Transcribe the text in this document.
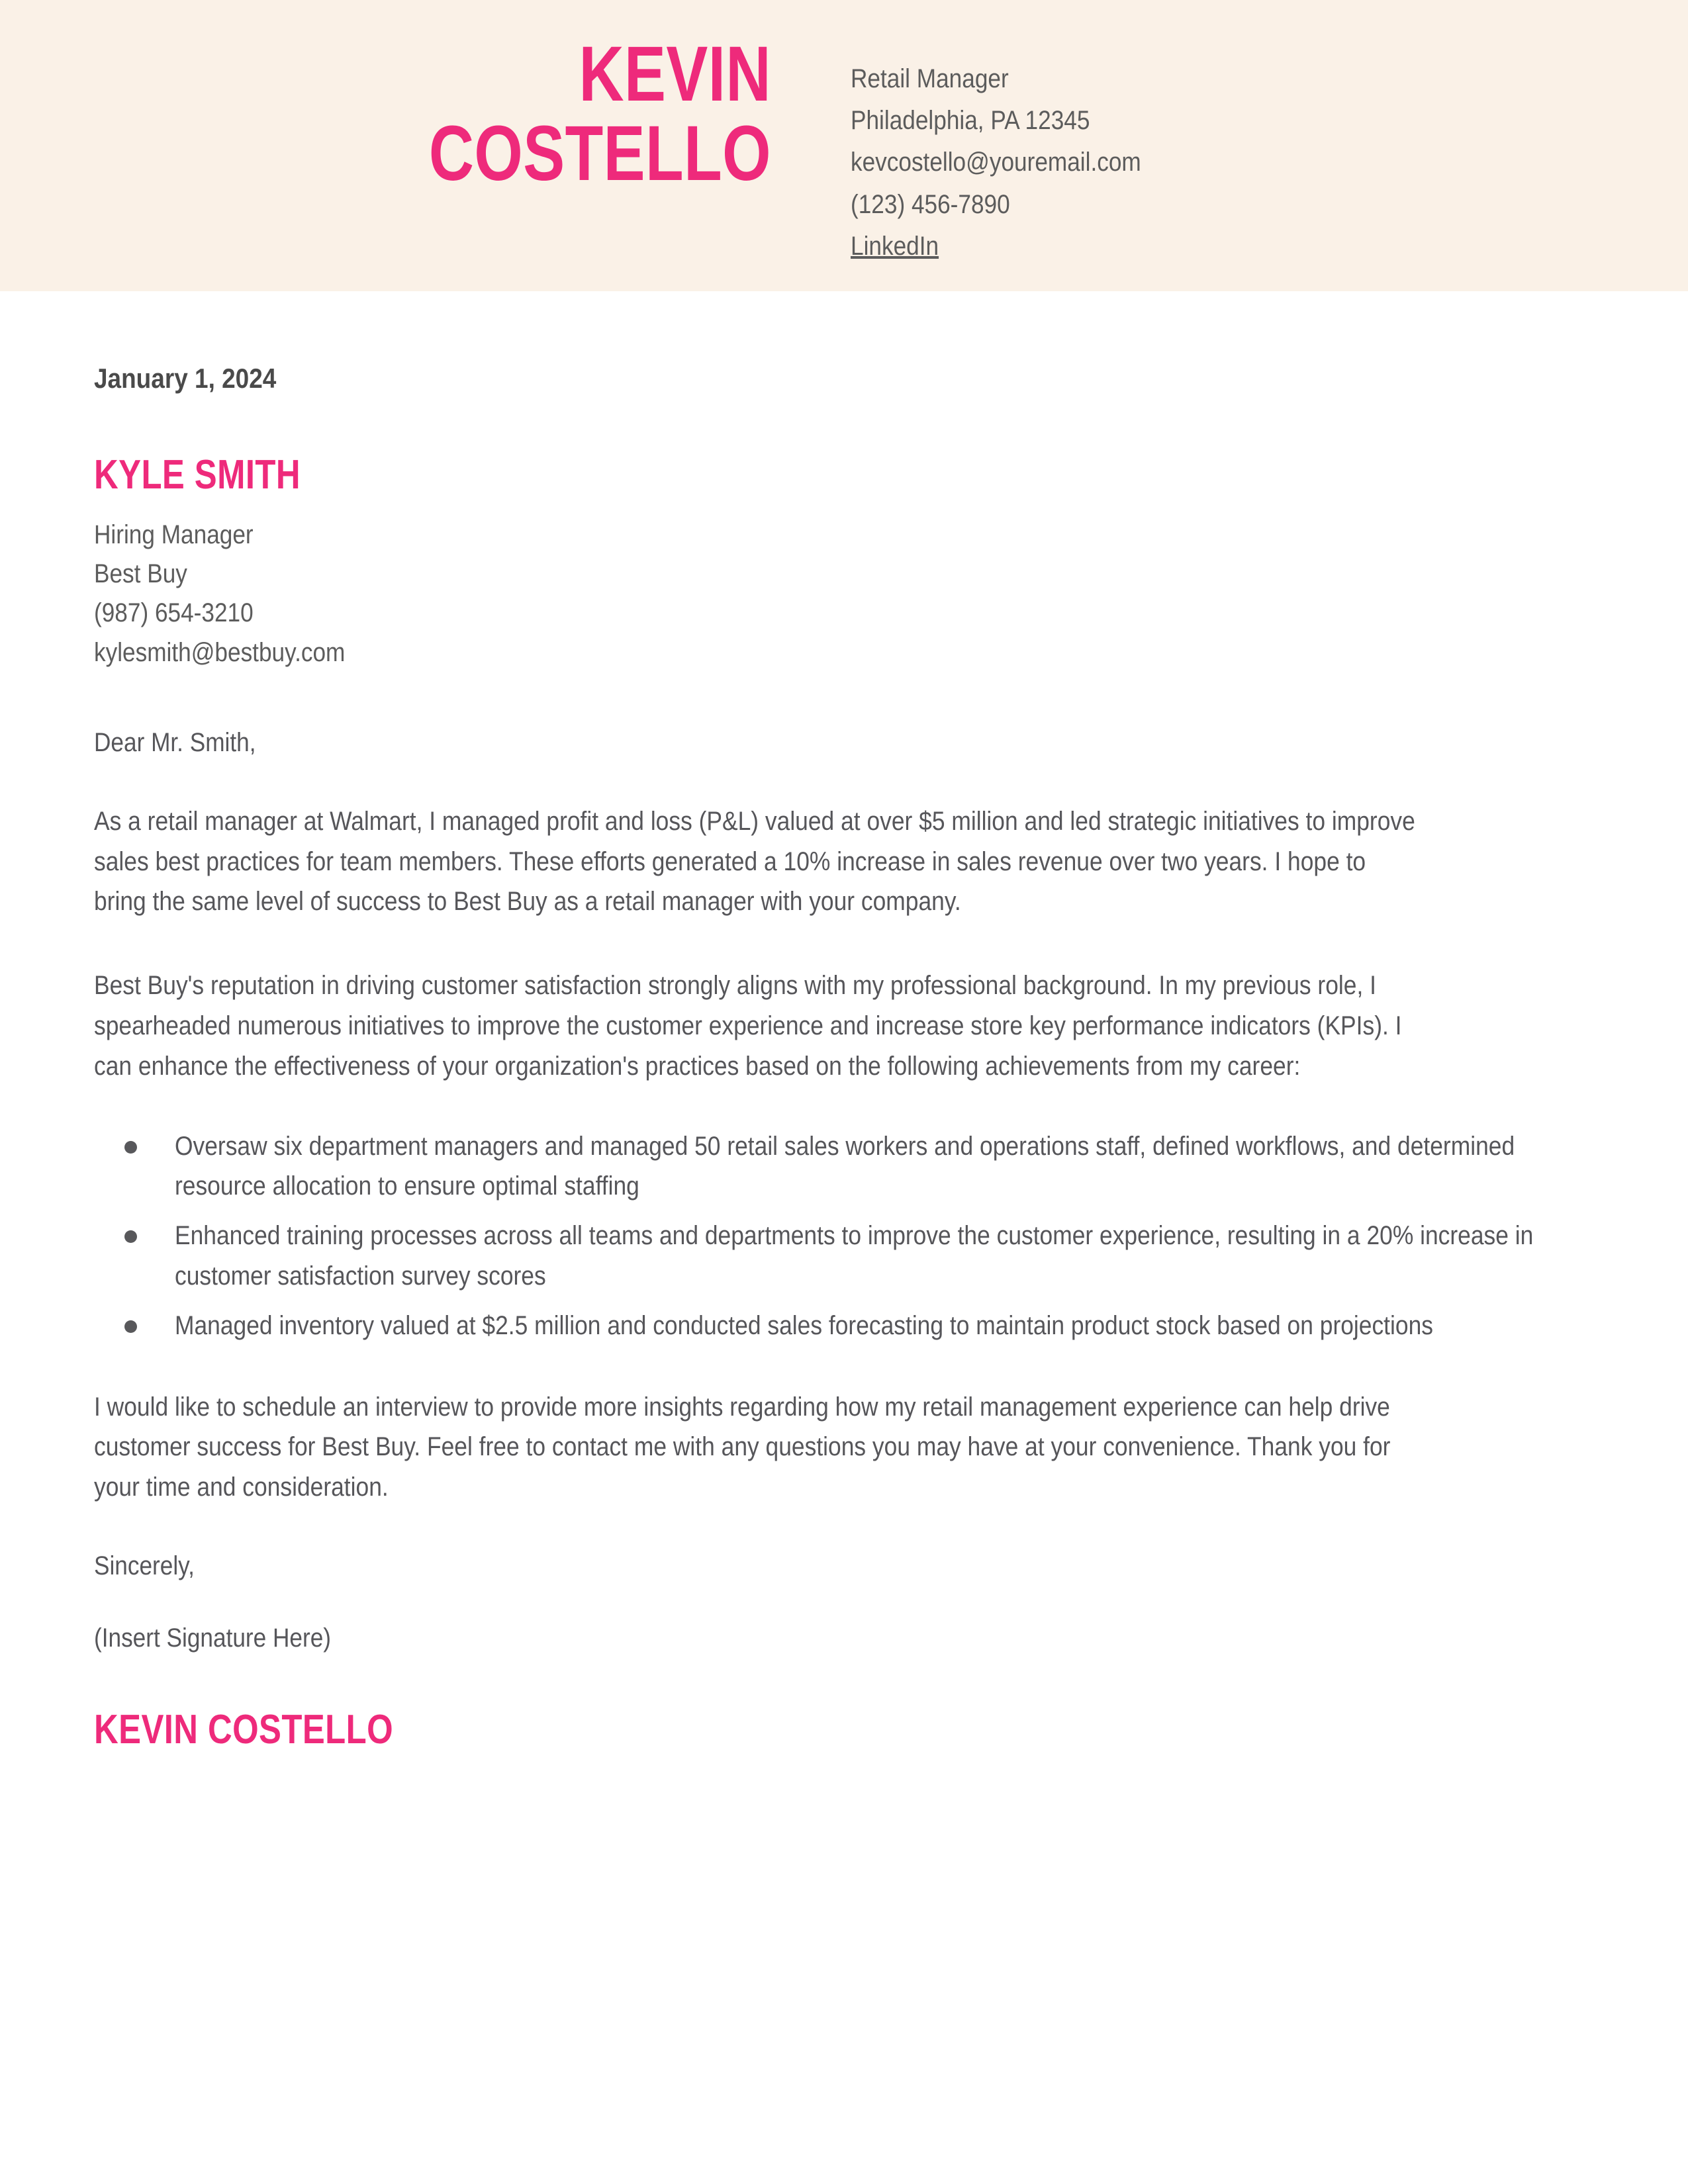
KEVIN
COSTELLO
Retail Manager
Philadelphia, PA 12345
kevcostello@youremail.com
(123) 456-7890
LinkedIn
January 1, 2024
KYLE SMITH
Hiring Manager
Best Buy
(987) 654-3210
kylesmith@bestbuy.com
Dear Mr. Smith,
As a retail manager at Walmart, I managed profit and loss (P&L) valued at over $5 million and led strategic initiatives to improve sales best practices for team members. These efforts generated a 10% increase in sales revenue over two years. I hope to bring the same level of success to Best Buy as a retail manager with your company.
Best Buy's reputation in driving customer satisfaction strongly aligns with my professional background. In my previous role, I spearheaded numerous initiatives to improve the customer experience and increase store key performance indicators (KPIs). I can enhance the effectiveness of your organization's practices based on the following achievements from my career:
Oversaw six department managers and managed 50 retail sales workers and operations staff, defined workflows, and determined resource allocation to ensure optimal staffing
Enhanced training processes across all teams and departments to improve the customer experience, resulting in a 20% increase in customer satisfaction survey scores
Managed inventory valued at $2.5 million and conducted sales forecasting to maintain product stock based on projections
I would like to schedule an interview to provide more insights regarding how my retail management experience can help drive customer success for Best Buy. Feel free to contact me with any questions you may have at your convenience. Thank you for your time and consideration.
Sincerely,
(Insert Signature Here)
KEVIN COSTELLO
